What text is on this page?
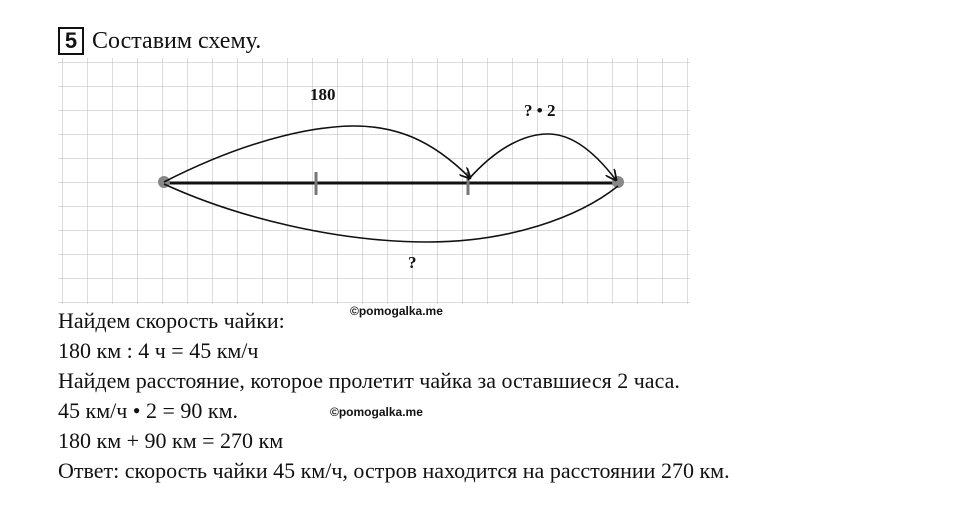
5 Составим схему.
180
? • 2
?
©pomogalka.me
©pomogalka.me
Найдем скорость чайки:
180 км : 4 ч = 45 км/ч
Найдем расстояние, которое пролетит чайка за оставшиеся 2 часа.
45 км/ч • 2 = 90 км.
180 км + 90 км = 270 км
Ответ: скорость чайки 45 км/ч, остров находится на расстоянии 270 км.
